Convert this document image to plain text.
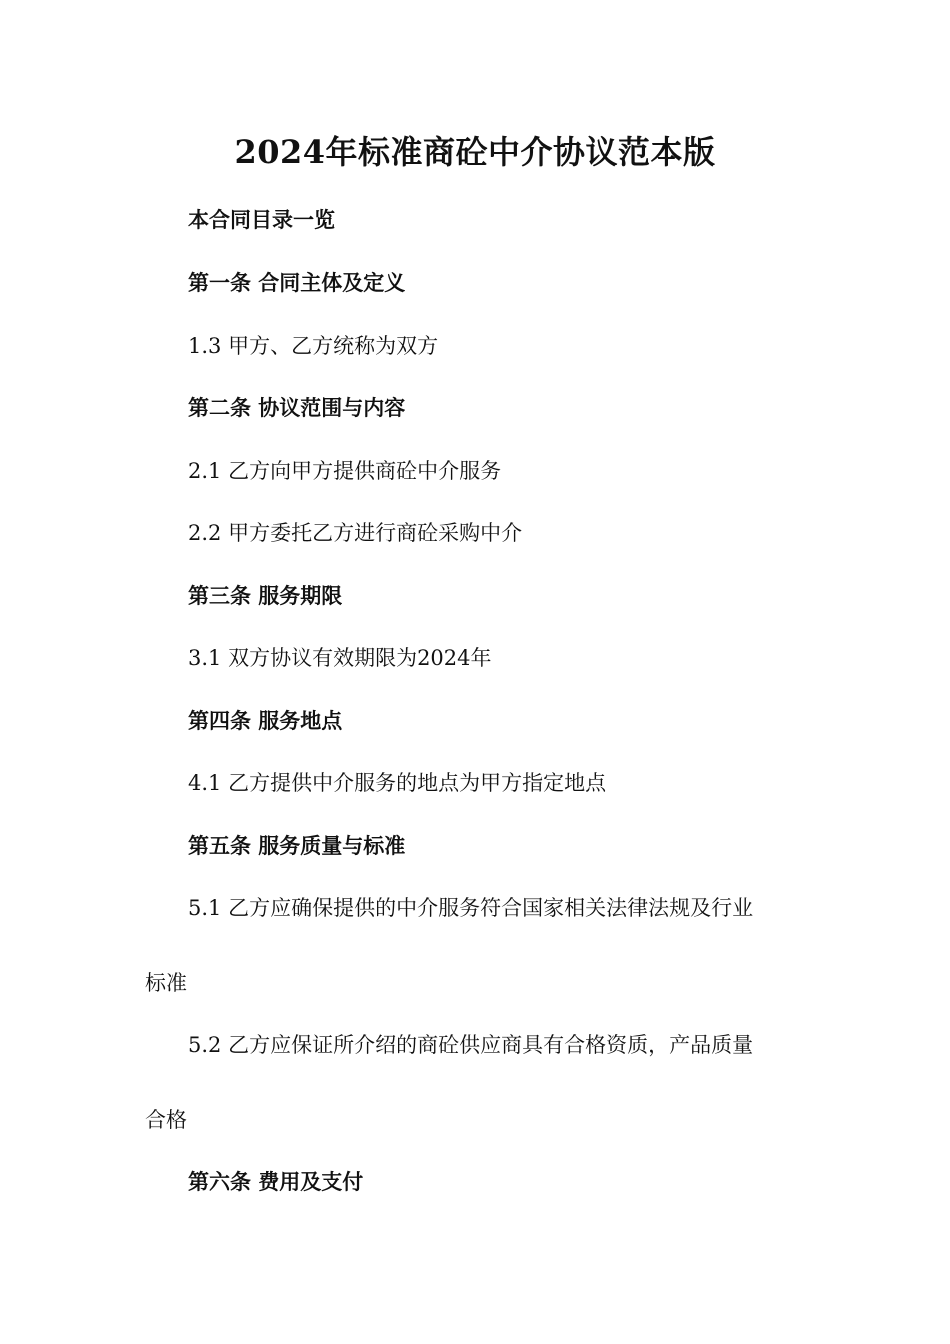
2024年标准商砼中介协议范本版
本合同目录一览
第一条 合同主体及定义
1.3 甲方、乙方统称为双方
第二条 协议范围与内容
2.1 乙方向甲方提供商砼中介服务
2.2 甲方委托乙方进行商砼采购中介
第三条 服务期限
3.1 双方协议有效期限为2024年
第四条 服务地点
4.1 乙方提供中介服务的地点为甲方指定地点
第五条 服务质量与标准
5.1 乙方应确保提供的中介服务符合国家相关法律法规及行业
标准
5.2 乙方应保证所介绍的商砼供应商具有合格资质，产品质量
合格
第六条 费用及支付
